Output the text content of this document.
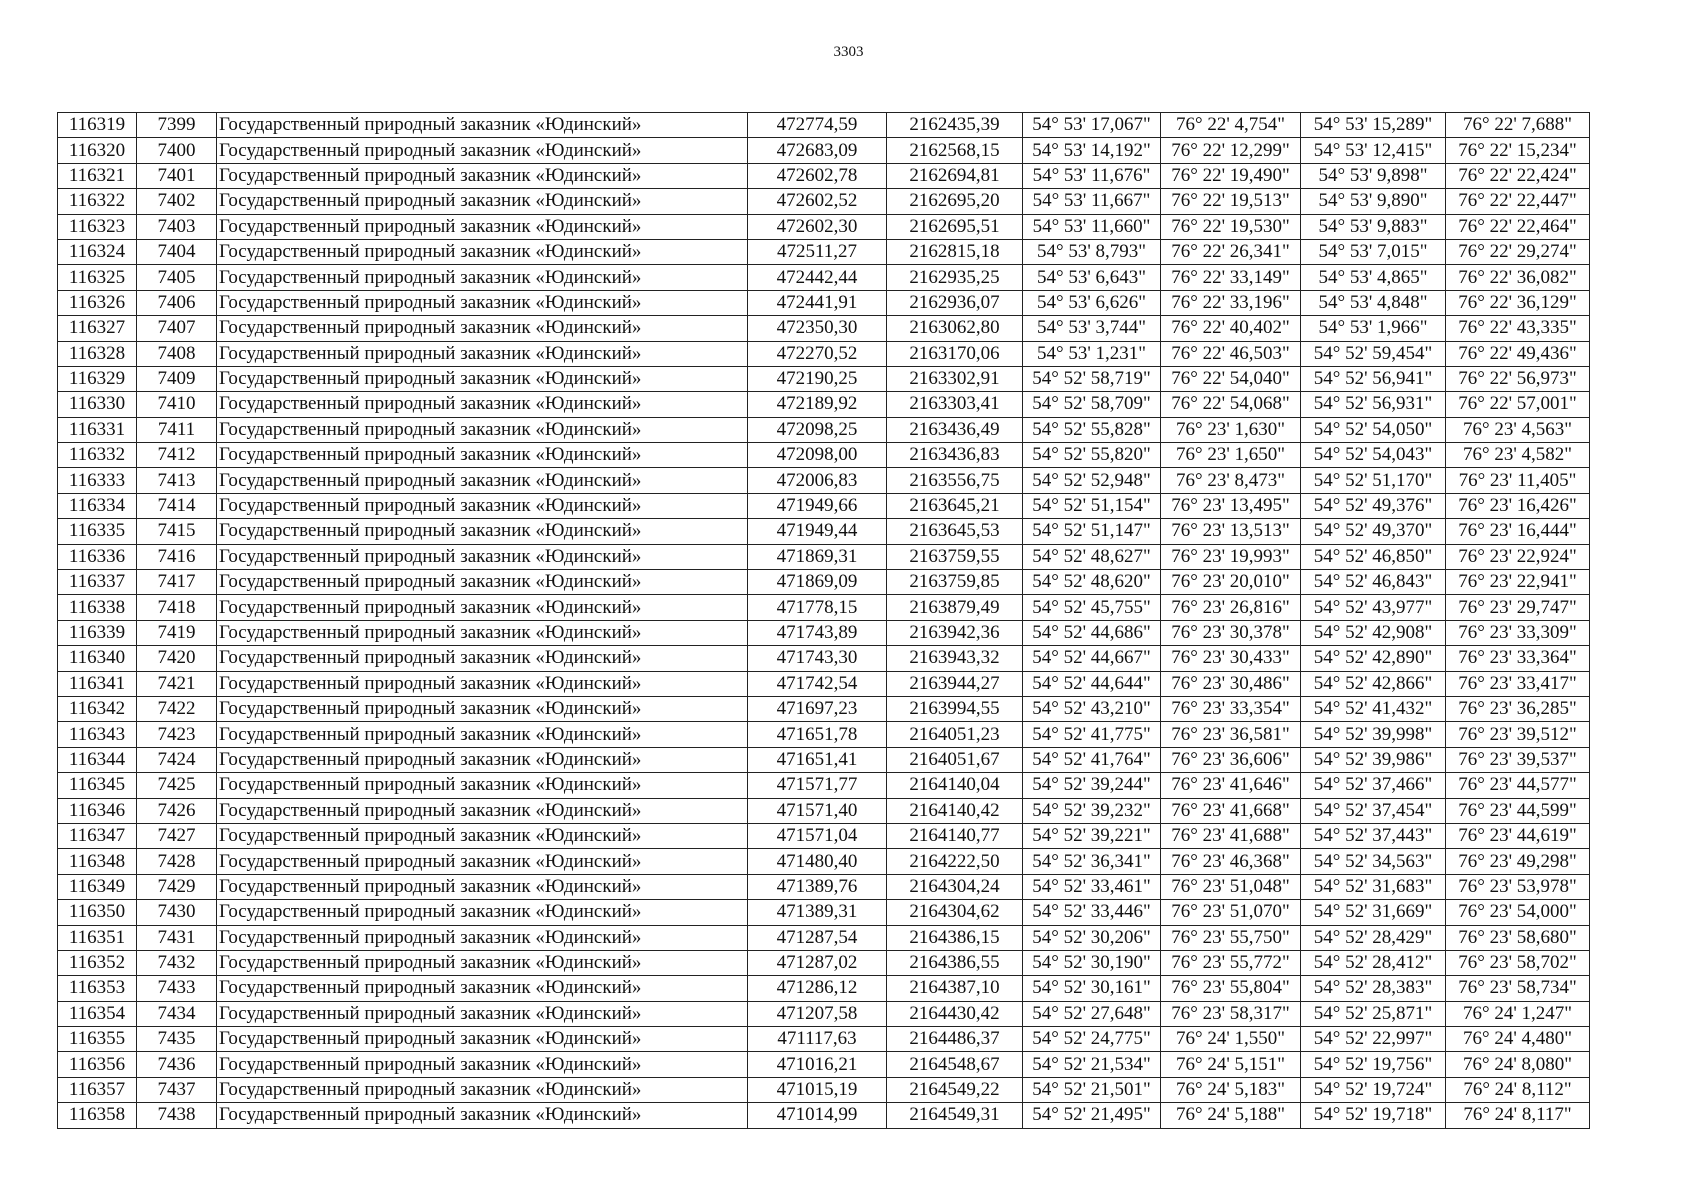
3303
116319	7399	Государственный природный заказник «Юдинский»	472774,59	2162435,39	54° 53' 17,067"	76° 22' 4,754"	54° 53' 15,289"	76° 22' 7,688"
116320	7400	Государственный природный заказник «Юдинский»	472683,09	2162568,15	54° 53' 14,192"	76° 22' 12,299"	54° 53' 12,415"	76° 22' 15,234"
116321	7401	Государственный природный заказник «Юдинский»	472602,78	2162694,81	54° 53' 11,676"	76° 22' 19,490"	54° 53' 9,898"	76° 22' 22,424"
116322	7402	Государственный природный заказник «Юдинский»	472602,52	2162695,20	54° 53' 11,667"	76° 22' 19,513"	54° 53' 9,890"	76° 22' 22,447"
116323	7403	Государственный природный заказник «Юдинский»	472602,30	2162695,51	54° 53' 11,660"	76° 22' 19,530"	54° 53' 9,883"	76° 22' 22,464"
116324	7404	Государственный природный заказник «Юдинский»	472511,27	2162815,18	54° 53' 8,793"	76° 22' 26,341"	54° 53' 7,015"	76° 22' 29,274"
116325	7405	Государственный природный заказник «Юдинский»	472442,44	2162935,25	54° 53' 6,643"	76° 22' 33,149"	54° 53' 4,865"	76° 22' 36,082"
116326	7406	Государственный природный заказник «Юдинский»	472441,91	2162936,07	54° 53' 6,626"	76° 22' 33,196"	54° 53' 4,848"	76° 22' 36,129"
116327	7407	Государственный природный заказник «Юдинский»	472350,30	2163062,80	54° 53' 3,744"	76° 22' 40,402"	54° 53' 1,966"	76° 22' 43,335"
116328	7408	Государственный природный заказник «Юдинский»	472270,52	2163170,06	54° 53' 1,231"	76° 22' 46,503"	54° 52' 59,454"	76° 22' 49,436"
116329	7409	Государственный природный заказник «Юдинский»	472190,25	2163302,91	54° 52' 58,719"	76° 22' 54,040"	54° 52' 56,941"	76° 22' 56,973"
116330	7410	Государственный природный заказник «Юдинский»	472189,92	2163303,41	54° 52' 58,709"	76° 22' 54,068"	54° 52' 56,931"	76° 22' 57,001"
116331	7411	Государственный природный заказник «Юдинский»	472098,25	2163436,49	54° 52' 55,828"	76° 23' 1,630"	54° 52' 54,050"	76° 23' 4,563"
116332	7412	Государственный природный заказник «Юдинский»	472098,00	2163436,83	54° 52' 55,820"	76° 23' 1,650"	54° 52' 54,043"	76° 23' 4,582"
116333	7413	Государственный природный заказник «Юдинский»	472006,83	2163556,75	54° 52' 52,948"	76° 23' 8,473"	54° 52' 51,170"	76° 23' 11,405"
116334	7414	Государственный природный заказник «Юдинский»	471949,66	2163645,21	54° 52' 51,154"	76° 23' 13,495"	54° 52' 49,376"	76° 23' 16,426"
116335	7415	Государственный природный заказник «Юдинский»	471949,44	2163645,53	54° 52' 51,147"	76° 23' 13,513"	54° 52' 49,370"	76° 23' 16,444"
116336	7416	Государственный природный заказник «Юдинский»	471869,31	2163759,55	54° 52' 48,627"	76° 23' 19,993"	54° 52' 46,850"	76° 23' 22,924"
116337	7417	Государственный природный заказник «Юдинский»	471869,09	2163759,85	54° 52' 48,620"	76° 23' 20,010"	54° 52' 46,843"	76° 23' 22,941"
116338	7418	Государственный природный заказник «Юдинский»	471778,15	2163879,49	54° 52' 45,755"	76° 23' 26,816"	54° 52' 43,977"	76° 23' 29,747"
116339	7419	Государственный природный заказник «Юдинский»	471743,89	2163942,36	54° 52' 44,686"	76° 23' 30,378"	54° 52' 42,908"	76° 23' 33,309"
116340	7420	Государственный природный заказник «Юдинский»	471743,30	2163943,32	54° 52' 44,667"	76° 23' 30,433"	54° 52' 42,890"	76° 23' 33,364"
116341	7421	Государственный природный заказник «Юдинский»	471742,54	2163944,27	54° 52' 44,644"	76° 23' 30,486"	54° 52' 42,866"	76° 23' 33,417"
116342	7422	Государственный природный заказник «Юдинский»	471697,23	2163994,55	54° 52' 43,210"	76° 23' 33,354"	54° 52' 41,432"	76° 23' 36,285"
116343	7423	Государственный природный заказник «Юдинский»	471651,78	2164051,23	54° 52' 41,775"	76° 23' 36,581"	54° 52' 39,998"	76° 23' 39,512"
116344	7424	Государственный природный заказник «Юдинский»	471651,41	2164051,67	54° 52' 41,764"	76° 23' 36,606"	54° 52' 39,986"	76° 23' 39,537"
116345	7425	Государственный природный заказник «Юдинский»	471571,77	2164140,04	54° 52' 39,244"	76° 23' 41,646"	54° 52' 37,466"	76° 23' 44,577"
116346	7426	Государственный природный заказник «Юдинский»	471571,40	2164140,42	54° 52' 39,232"	76° 23' 41,668"	54° 52' 37,454"	76° 23' 44,599"
116347	7427	Государственный природный заказник «Юдинский»	471571,04	2164140,77	54° 52' 39,221"	76° 23' 41,688"	54° 52' 37,443"	76° 23' 44,619"
116348	7428	Государственный природный заказник «Юдинский»	471480,40	2164222,50	54° 52' 36,341"	76° 23' 46,368"	54° 52' 34,563"	76° 23' 49,298"
116349	7429	Государственный природный заказник «Юдинский»	471389,76	2164304,24	54° 52' 33,461"	76° 23' 51,048"	54° 52' 31,683"	76° 23' 53,978"
116350	7430	Государственный природный заказник «Юдинский»	471389,31	2164304,62	54° 52' 33,446"	76° 23' 51,070"	54° 52' 31,669"	76° 23' 54,000"
116351	7431	Государственный природный заказник «Юдинский»	471287,54	2164386,15	54° 52' 30,206"	76° 23' 55,750"	54° 52' 28,429"	76° 23' 58,680"
116352	7432	Государственный природный заказник «Юдинский»	471287,02	2164386,55	54° 52' 30,190"	76° 23' 55,772"	54° 52' 28,412"	76° 23' 58,702"
116353	7433	Государственный природный заказник «Юдинский»	471286,12	2164387,10	54° 52' 30,161"	76° 23' 55,804"	54° 52' 28,383"	76° 23' 58,734"
116354	7434	Государственный природный заказник «Юдинский»	471207,58	2164430,42	54° 52' 27,648"	76° 23' 58,317"	54° 52' 25,871"	76° 24' 1,247"
116355	7435	Государственный природный заказник «Юдинский»	471117,63	2164486,37	54° 52' 24,775"	76° 24' 1,550"	54° 52' 22,997"	76° 24' 4,480"
116356	7436	Государственный природный заказник «Юдинский»	471016,21	2164548,67	54° 52' 21,534"	76° 24' 5,151"	54° 52' 19,756"	76° 24' 8,080"
116357	7437	Государственный природный заказник «Юдинский»	471015,19	2164549,22	54° 52' 21,501"	76° 24' 5,183"	54° 52' 19,724"	76° 24' 8,112"
116358	7438	Государственный природный заказник «Юдинский»	471014,99	2164549,31	54° 52' 21,495"	76° 24' 5,188"	54° 52' 19,718"	76° 24' 8,117"
